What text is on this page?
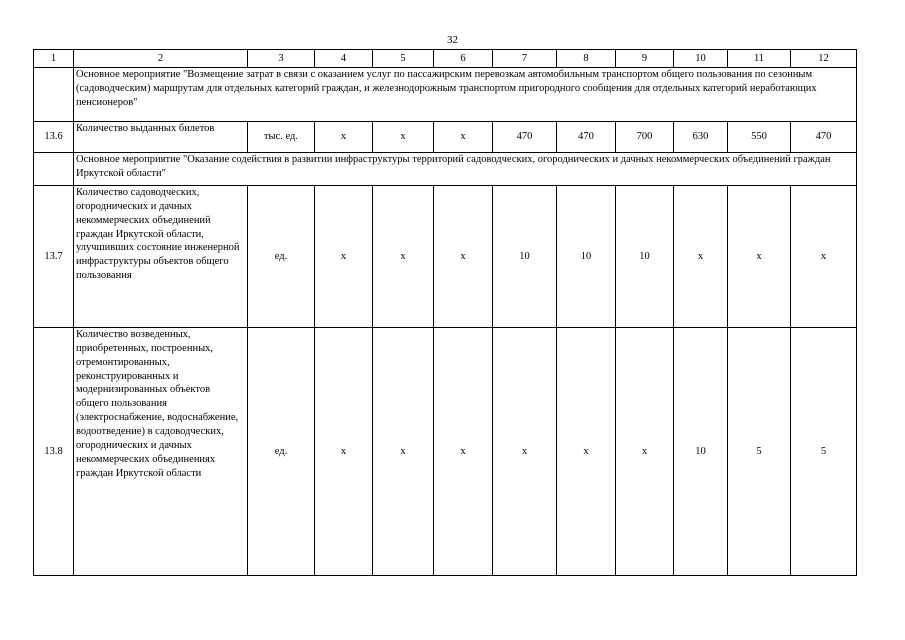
32
1	2	3	4	5	6	7	8	9	10	11	12
	Основное мероприятие "Возмещение затрат в связи с оказанием услуг по пассажирским перевозкам автомобильным транспортом общего пользования по сезонным (садоводческим) маршрутам для отдельных категорий граждан, и железнодорожным транспортом пригородного сообщения для отдельных категорий неработающих пенсионеров"										
13.6	Количество выданных билетов	тыс. ед.	х	х	х	470	470	700	630	550	470
	Основное мероприятие "Оказание содействия в развитии инфраструктуры территорий садоводческих, огороднических и дачных некоммерческих объединений граждан Иркутской области"										
13.7	Количество садоводческих, огороднических и дачных некоммерческих объединений граждан Иркутской области, улучшивших состояние инженерной инфраструктуры объектов общего пользования	ед.	х	х	х	10	10	10	х	х	х
13.8	Количество возведенных, приобретенных, построенных, отремонтированных, реконструированных и модернизированных объектов общего пользования (электроснабжение, водоснабжение, водоотведение) в садоводческих, огороднических и дачных некоммерческих объединениях граждан Иркутской области	ед.	х	х	х	х	х	х	10	5	5
